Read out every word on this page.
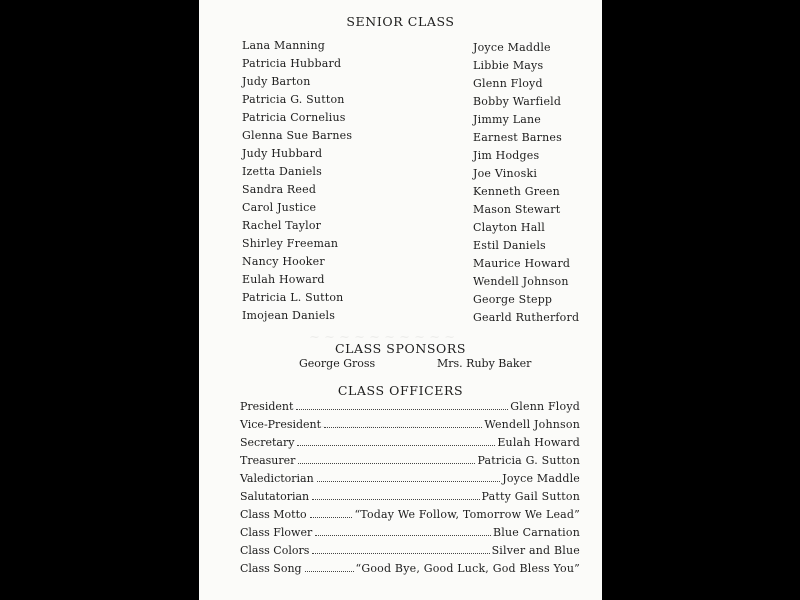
~ ~ ~ ~ ~ ~ ~ ~ ~ ~
~ ~ ~ ~ ~ ~ ~
SENIOR CLASS
Lana Manning
Patricia Hubbard
Judy Barton
Patricia G. Sutton
Patricia Cornelius
Glenna Sue Barnes
Judy Hubbard
Izetta Daniels
Sandra Reed
Carol Justice
Rachel Taylor
Shirley Freeman
Nancy Hooker
Eulah Howard
Patricia L. Sutton
Imojean Daniels
Joyce Maddle
Libbie Mays
Glenn Floyd
Bobby Warfield
Jimmy Lane
Earnest Barnes
Jim Hodges
Joe Vinoski
Kenneth Green
Mason Stewart
Clayton Hall
Estil Daniels
Maurice Howard
Wendell Johnson
George Stepp
Gearld Rutherford
CLASS SPONSORS
George Gross	Mrs. Ruby Baker
CLASS OFFICERS
President	Glenn Floyd
Vice-President	Wendell Johnson
Secretary	Eulah Howard
Treasurer	Patricia G. Sutton
Valedictorian	Joyce Maddle
Salutatorian	Patty Gail Sutton
Class Motto	“Today We Follow, Tomorrow We Lead”
Class Flower	Blue Carnation
Class Colors	Silver and Blue
Class Song	“Good Bye, Good Luck, God Bless You”
